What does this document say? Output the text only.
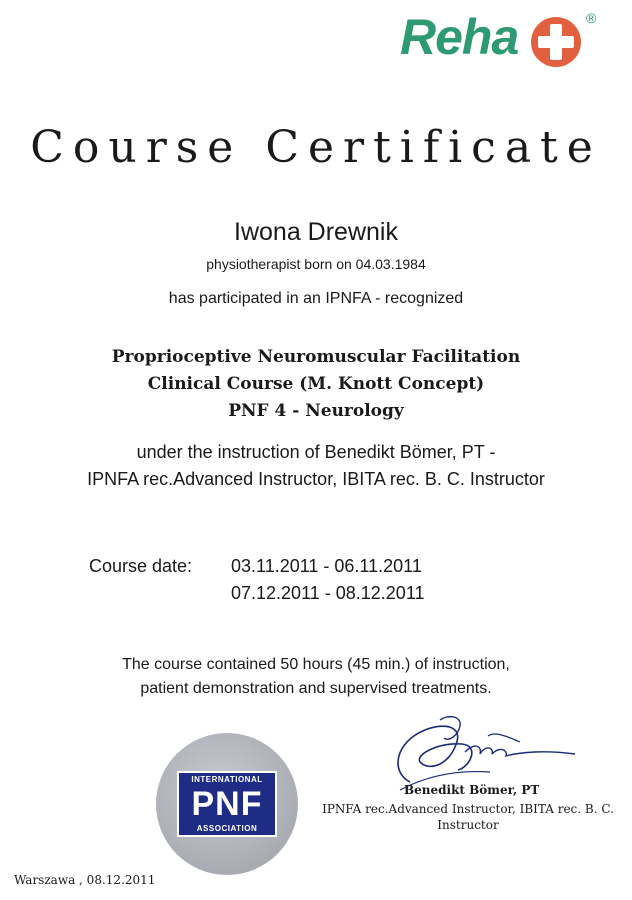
Reha	®
Course Certificate
Iwona Drewnik
physiotherapist born on 04.03.1984
has participated in an IPNFA - recognized
Proprioceptive Neuromuscular Facilitation
Clinical Course (M. Knott Concept)
PNF 4 - Neurology
under the instruction of Benedikt Bömer, PT -
IPNFA rec.Advanced Instructor, IBITA rec. B. C. Instructor
Course date: 03.11.2011 - 06.11.2011
07.12.2011 - 08.12.2011
The course contained 50 hours (45 min.) of instruction,
patient demonstration and supervised treatments.
INTERNATIONAL
PNF
ASSOCIATION
Benedikt Bömer, PT
IPNFA rec.Advanced Instructor, IBITA rec. B. C. Instructor
Warszawa , 08.12.2011
